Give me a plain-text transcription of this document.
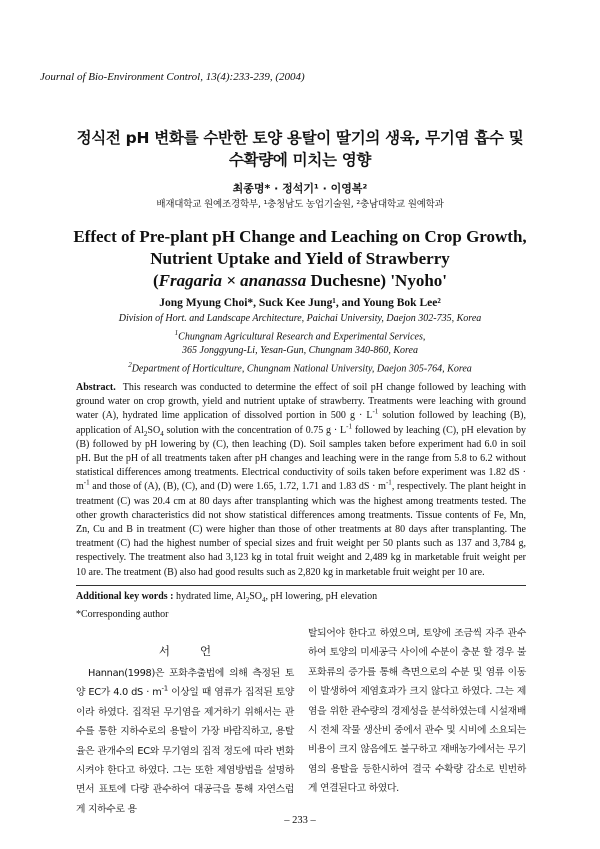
Journal of Bio-Environment Control, 13(4):233-239, (2004)
정식전 pH 변화를 수반한 토양 용탈이 딸기의 생육, 무기염 흡수 및
수확량에 미치는 영향
최종명* · 정석기¹ · 이영복²
배재대학교 원예조경학부, ¹충청남도 농업기술원, ²충남대학교 원예학과
Effect of Pre-plant pH Change and Leaching on Crop Growth,
Nutrient Uptake and Yield of Strawberry
(Fragaria × ananassa Duchesne) 'Nyoho'
Jong Myung Choi*, Suck Kee Jung¹, and Young Bok Lee²
Division of Hort. and Landscape Architecture, Paichai University, Daejon 302-735, Korea
$^1$Chungnam Agricultural Research and Experimental Services,
365 Jonggyung-Li, Yesan-Gun, Chungnam 340-860, Korea
$^2$Department of Horticulture, Chungnam National University, Daejon 305-764, Korea
Abstract. This research was conducted to determine the effect of soil pH change followed by leaching with ground water on crop growth, yield and nutrient uptake of strawberry. Treatments were leaching with ground water (A), hydrated lime application of dissolved portion in 500 $g \cdot L^{-1}$ solution followed by leaching (B), application of $Al_2SO_4$ solution with the concentration of 0.75 $g \cdot L^{-1}$ followed by leaching (C), pH elevation by (B) followed by pH lowering by (C), then leaching (D). Soil samples taken before experiment had 6.0 in soil pH. But the pH of all treatments taken after pH changes and leaching were in the range from 5.8 to 6.2 without statistical differences among treatments. Electrical conductivity of soils taken before experiment was 1.82 dS · $m^{-1}$ and those of (A), (B), (C), and (D) were 1.65, 1.72, 1.71 and 1.83 dS · $m^{-1}$, respectively. The plant height in treatment (C) was 20.4 cm at 80 days after transplanting which was the highest among treatments tested. The other growth characteristics did not show statistical differences among treatments. Tissue contents of Fe, Mn, Zn, Cu and B in treatment (C) were higher than those of other treatments at 80 days after transplanting. The treatment (C) had the highest number of special sizes and fruit weight per 50 plants such as 137 and 3,784 g, respectively. The treatment also had 3,123 kg in total fruit weight and 2,489 kg in marketable fruit weight per 10 are. The treatment (B) also had good results such as 2,820 kg in marketable fruit weight per 10 are.
Additional key words : hydrated lime, $Al_2SO_4$, pH lowering, pH elevation
*Corresponding author
서언

Hannan(1998)은 포화추출법에 의해 측정된 토양 EC가 4.0 dS · $m^{-1}$ 이상일 때 염류가 집적된 토양이라 하였다. 집적된 무기염을 제거하기 위해서는 관수를 통한 지하수로의 용탈이 가장 바람직하고, 용탈율은 관개수의 EC와 무기염의 집적 정도에 따라 변화시켜야 한다고 하였다. 그는 또한 제염방법을 설명하면서 표토에 다량 관수하여 대공극을 통해 자연스럽게 지하수로 용

탈되어야 한다고 하였으며, 토양에 조금씩 자주 관수하여 토양의 미세공극 사이에 수분이 충분 할 경우 불포화류의 증가를 통해 측면으로의 수분 및 염류 이동이 발생하여 제염효과가 크지 않다고 하였다. 그는 제염을 위한 관수량의 경제성을 분석하였는데 시설재배시 전체 작물 생산비 중에서 관수 및 시비에 소요되는 비용이 크지 않음에도 불구하고 재배농가에서는 무기염의 용탈을 등한시하여 결국 수확량 감소로 빈번하게 연결된다고 하였다.

– 233 –
